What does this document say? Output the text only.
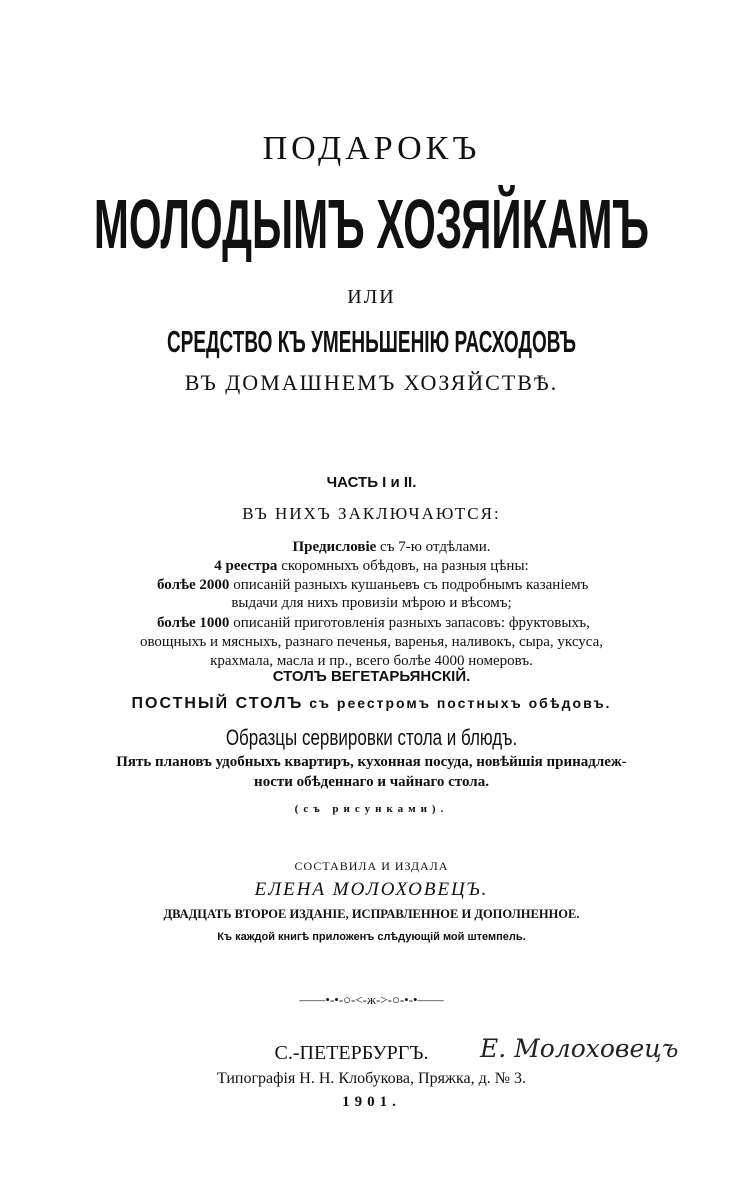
ПОДАРОКЪ
МОЛОДЫМЪ ХОЗЯЙКАМЪ
ИЛИ
СРЕДСТВО КЪ УМЕНЬШЕНІЮ РАСХОДОВЪ
ВЪ ДОМАШНЕМЪ ХОЗЯЙСТВѢ.
ЧАСТЬ I и II.
ВЪ НИХЪ ЗАКЛЮЧАЮТСЯ:
Предисловіе съ 7-ю отдѣлами.
4 реестра скоромныхъ обѣдовъ, на разныя цѣны:
болѣе 2000 описаній разныхъ кушаньевъ съ подробнымъ казаніемъ
выдачи для нихъ провизіи мѣрою и вѣсомъ;
болѣе 1000 описаній приготовленія разныхъ запасовъ: фруктовыхъ,
овощныхъ и мясныхъ, разнаго печенья, варенья, наливокъ, сыра, уксуса,
крахмала, масла и пр., всего болѣе 4000 номеровъ.
СТОЛЪ ВЕГЕТАРЬЯНСКІЙ.
ПОСТНЫЙ СТОЛЪ съ реестромъ постныхъ обѣдовъ.
Образцы сервировки стола и блюдъ.
Пять плановъ удобныхъ квартиръ, кухонная посуда, новѣйшія принадлеж-
ности обѣденнаго и чайнаго стола.
(съ рисунками).
СОСТАВИЛА И ИЗДАЛА
ЕЛЕНА МОЛОХОВЕЦЪ.
ДВАДЦАТЬ ВТОРОЕ ИЗДАНІЕ, ИСПРАВЛЕННОЕ И ДОПОЛНЕННОЕ.
Къ каждой книгѣ приложенъ слѣдующій мой штемпель.
——•-•-○-<-ж->-○-•-•——
С.-ПЕТЕРБУРГЪ.	Е. Молоховецъ
Типографія Н. Н. Клобукова, Пряжка, д. № 3.
1901.
